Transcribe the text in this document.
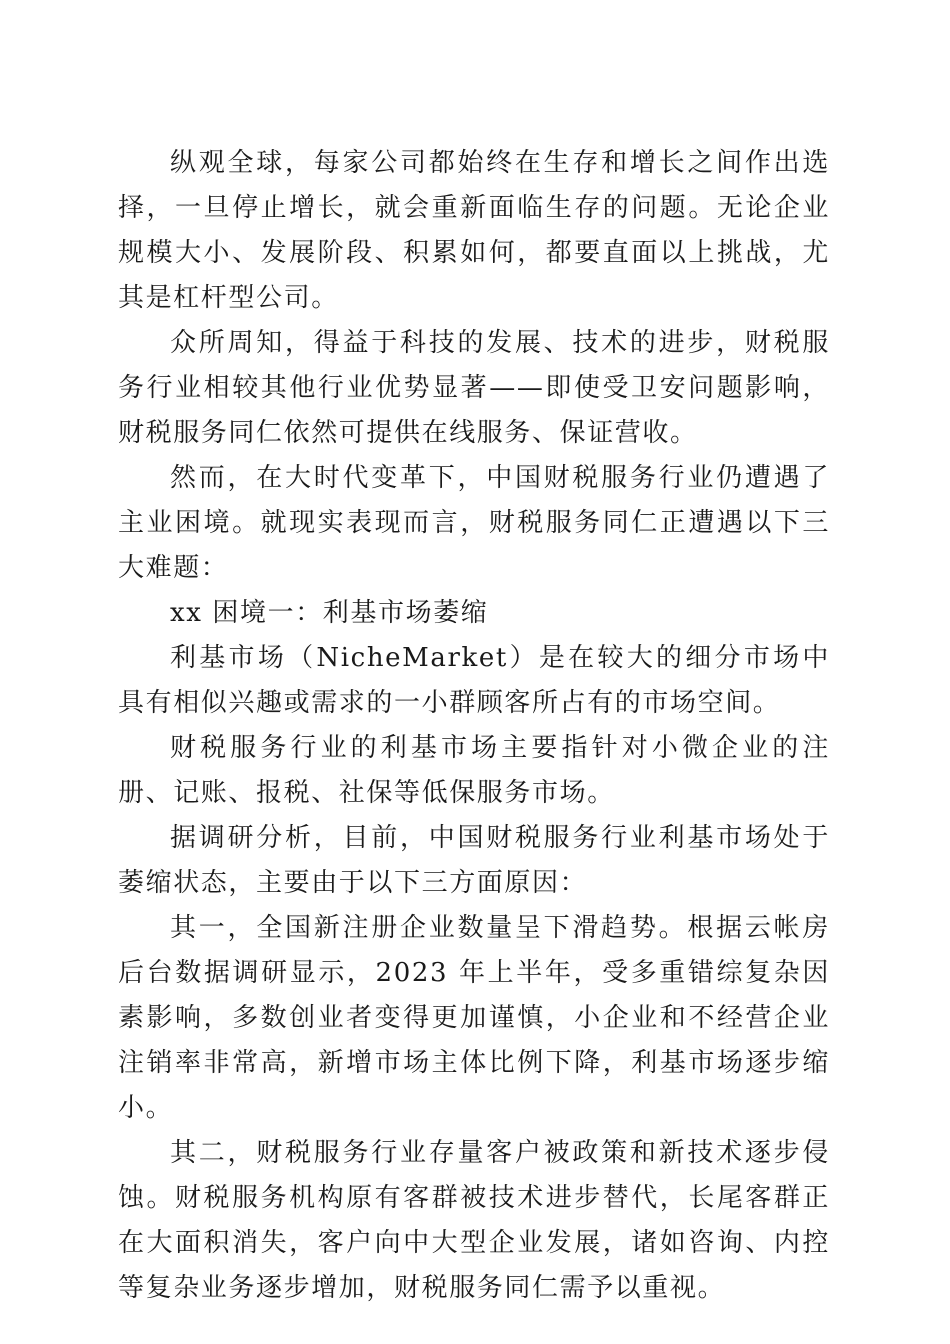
纵观全球，每家公司都始终在生存和增长之间作出选择，一旦停止增长，就会重新面临生存的问题。无论企业规模大小、发展阶段、积累如何，都要直面以上挑战，尤其是杠杆型公司。

众所周知，得益于科技的发展、技术的进步，财税服务行业相较其他行业优势显著——即使受卫安问题影响，财税服务同仁依然可提供在线服务、保证营收。

然而，在大时代变革下，中国财税服务行业仍遭遇了主业困境。就现实表现而言，财税服务同仁正遭遇以下三大难题：

xx 困境一：利基市场萎缩

利基市场（NicheMarket）是在较大的细分市场中具有相似兴趣或需求的一小群顾客所占有的市场空间。

财税服务行业的利基市场主要指针对小微企业的注册、记账、报税、社保等低保服务市场。

据调研分析，目前，中国财税服务行业利基市场处于萎缩状态，主要由于以下三方面原因：

其一，全国新注册企业数量呈下滑趋势。根据云帐房后台数据调研显示，2023 年上半年，受多重错综复杂因素影响，多数创业者变得更加谨慎，小企业和不经营企业注销率非常高，新增市场主体比例下降，利基市场逐步缩小。

其二，财税服务行业存量客户被政策和新技术逐步侵蚀。财税服务机构原有客群被技术进步替代，长尾客群正在大面积消失，客户向中大型企业发展，诸如咨询、内控等复杂业务逐步增加，财税服务同仁需予以重视。
